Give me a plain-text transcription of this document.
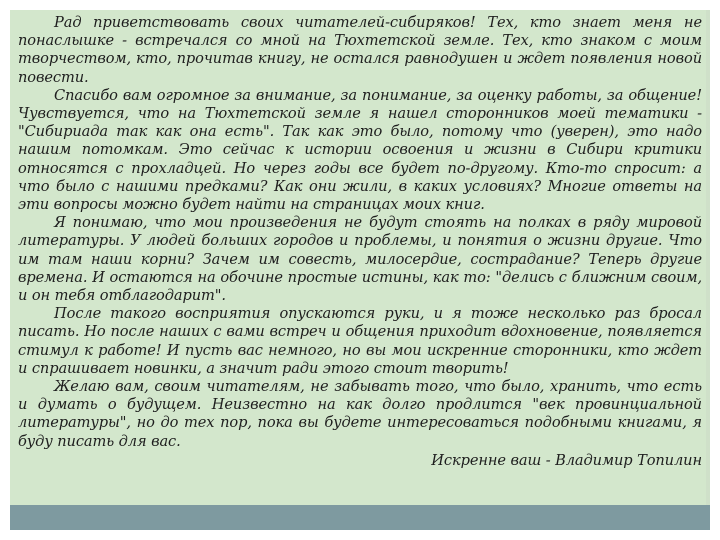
Рад приветствовать своих читателей-сибиряков! Тех, кто знает меня не понаслышке - встречался со мной на Тюхтетской земле. Тех, кто знаком с моим творчеством, кто, прочитав книгу, не остался равнодушен и ждет появления новой повести.

Спасибо вам огромное за внимание, за понимание, за оценку работы, за общение! Чувствуется, что на Тюхтетской земле я нашел сторонников моей тематики - "Сибириада так как она есть". Так как это было, потому что (уверен), это надо нашим потомкам. Это сейчас к истории освоения и жизни в Сибири критики относятся с прохладцей. Но через годы все будет по-другому. Кто-то спросит: а что было с нашими предками? Как они жили, в каких условиях? Многие ответы на эти вопросы можно будет найти на страницах моих книг.

Я понимаю, что мои произведения не будут стоять на полках в ряду мировой литературы. У людей больших городов и проблемы, и понятия о жизни другие. Что им там наши корни? Зачем им совесть, милосердие, сострадание? Теперь другие времена. И остаются на обочине простые истины, как то: "делись с ближним своим, и он тебя отблагодарит".

После такого восприятия опускаются руки, и я тоже несколько раз бросал писать. Но после наших с вами встреч и общения приходит вдохновение, появляется стимул к работе! И пусть вас немного, но вы мои искренние сторонники, кто ждет и спрашивает новинки, а значит ради этого стоит творить!

Желаю вам, своим читателям, не забывать того, что было, хранить, что есть и думать о будущем. Неизвестно на как долго продлится "век провинциальной литературы", но до тех пор, пока вы будете интересоваться подобными книгами, я буду писать для вас.

Искренне ваш - Владимир Топилин
